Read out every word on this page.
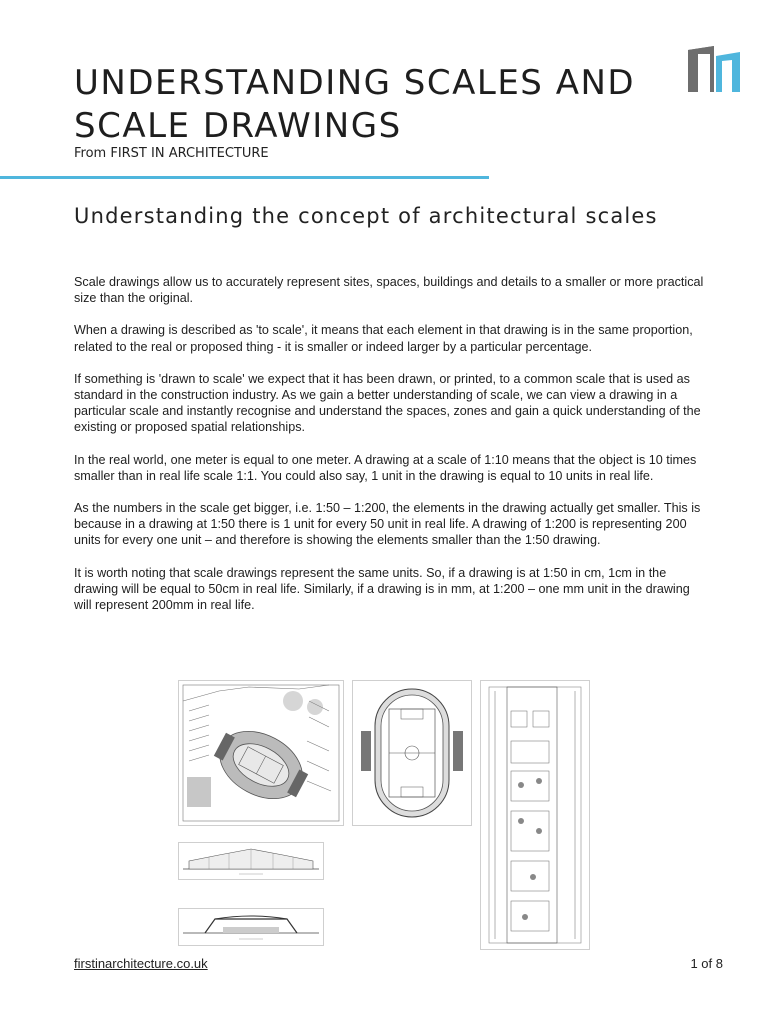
UNDERSTANDING SCALES AND
SCALE DRAWINGS

From FIRST IN ARCHITECTURE

Understanding the concept of architectural scales

Scale drawings allow us to accurately represent sites, spaces, buildings and details to a smaller or more practical size than the original.

When a drawing is described as 'to scale', it means that each element in that drawing is in the same proportion, related to the real or proposed thing - it is smaller or indeed larger by a particular percentage.

If something is 'drawn to scale' we expect that it has been drawn, or printed, to a common scale that is used as standard in the construction industry. As we gain a better understanding of scale, we can view a drawing in a particular scale and instantly recognise and understand the spaces, zones and gain a quick understanding of the existing or proposed spatial relationships.

In the real world, one meter is equal to one meter. A drawing at a scale of 1:10 means that the object is 10 times smaller than in real life scale 1:1. You could also say, 1 unit in the drawing is equal to 10 units in real life.

As the numbers in the scale get bigger, i.e. 1:50 – 1:200, the elements in the drawing actually get smaller. This is because in a drawing at 1:50 there is 1 unit for every 50 unit in real life. A drawing of 1:200 is representing 200 units for every one unit – and therefore is showing the elements smaller than the 1:50 drawing.

It is worth noting that scale drawings represent the same units. So, if a drawing is at 1:50 in cm, 1cm in the drawing will be equal to 50cm in real life. Similarly, if a drawing is in mm, at 1:200 – one mm unit in the drawing will represent 200mm in real life.

firstinarchitecture.co.uk	1 of 8
